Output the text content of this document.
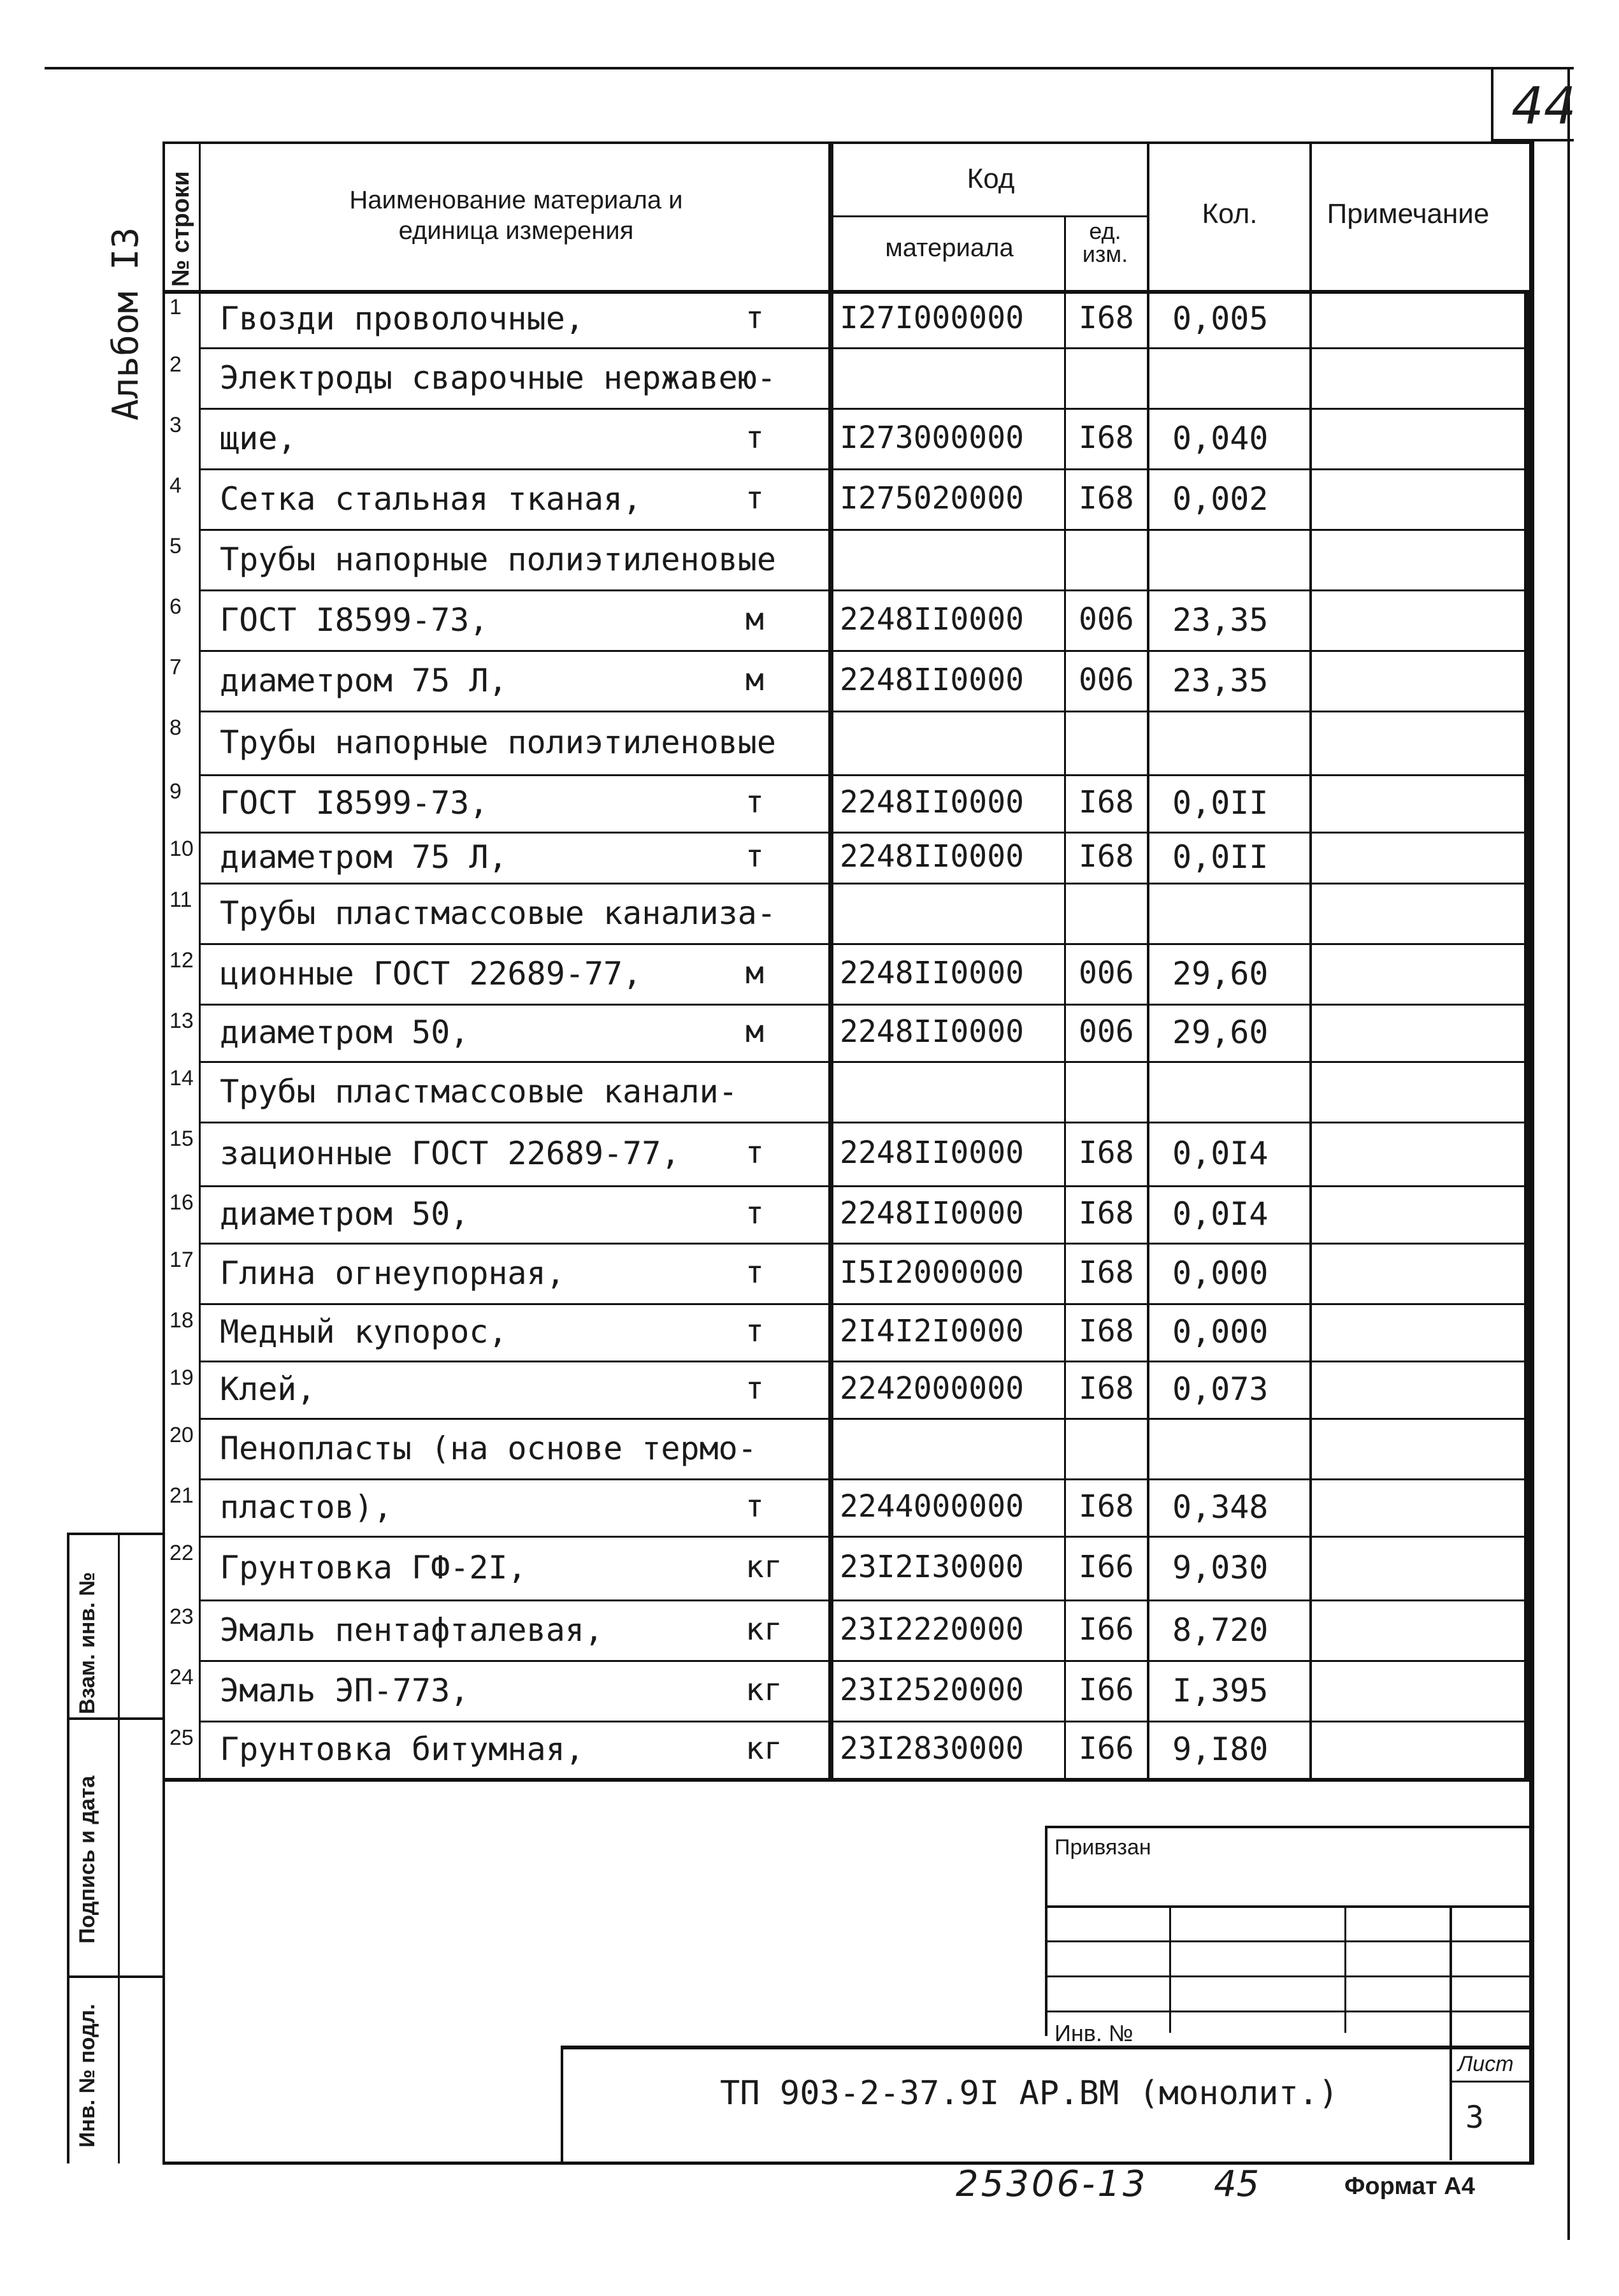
44
Альбом I3 1 Гвозди проволочные,	т I27I000000 I68 0,005
2 Электроды сварочные нержавею-
3 щие,	т I273000000 I68 0,040
4 Сетка стальная тканая,	т I275020000 I68 0,002
5 Трубы напорные полиэтиленовые
6 ГОСТ I8599-73,	м 2248II0000 006 23,35
7 диаметром 75 Л,	м 2248II0000 006 23,35
8 Трубы напорные полиэтиленовые
9 ГОСТ I8599-73,	т 2248II0000 I68 0,0II
10 диаметром 75 Л,	т 2248II0000 I68 0,0II
11 Трубы пластмассовые канализа-
12 ционные ГОСТ 22689-77,	м 2248II0000 006 29,60
13 диаметром 50,	м 2248II0000 006 29,60
14 Трубы пластмассовые канали-
15 зационные ГОСТ 22689-77, т 2248II0000 I68 0,0I4
16 диаметром 50,	т 2248II0000 I68 0,0I4
17 Глина огнеупорная,	т I5I2000000 I68 0,000
18 Медный купорос,	т 2I4I2I0000 I68 0,000
19 Клей,	т 2242000000 I68 0,073
20 Пенопласты (на основе термо-
21 пластов),	т 2244000000 I68 0,348
22 Грунтовка ГФ-2I,	кг 23I2I30000 I66 9,030
23 Эмаль пентафталевая,	кг 23I2220000 I66 8,720
24 Эмаль ЭП-773,	кг 23I2520000 I66 I,395
25 Грунтовка битумная,	кг 23I2830000 I66 9,I80
№ строки	Наименование материала и
единица измерения
Код
материала
ед.
изм.
Кол.	Примечание
Взам. инв. №
Подпись и дата
Инв. № подл.
Привязан
Инв. №
ТП 903-2-37.9I АР.ВМ (монолит.)
Лист
3
25306-13 45	Формат А4
